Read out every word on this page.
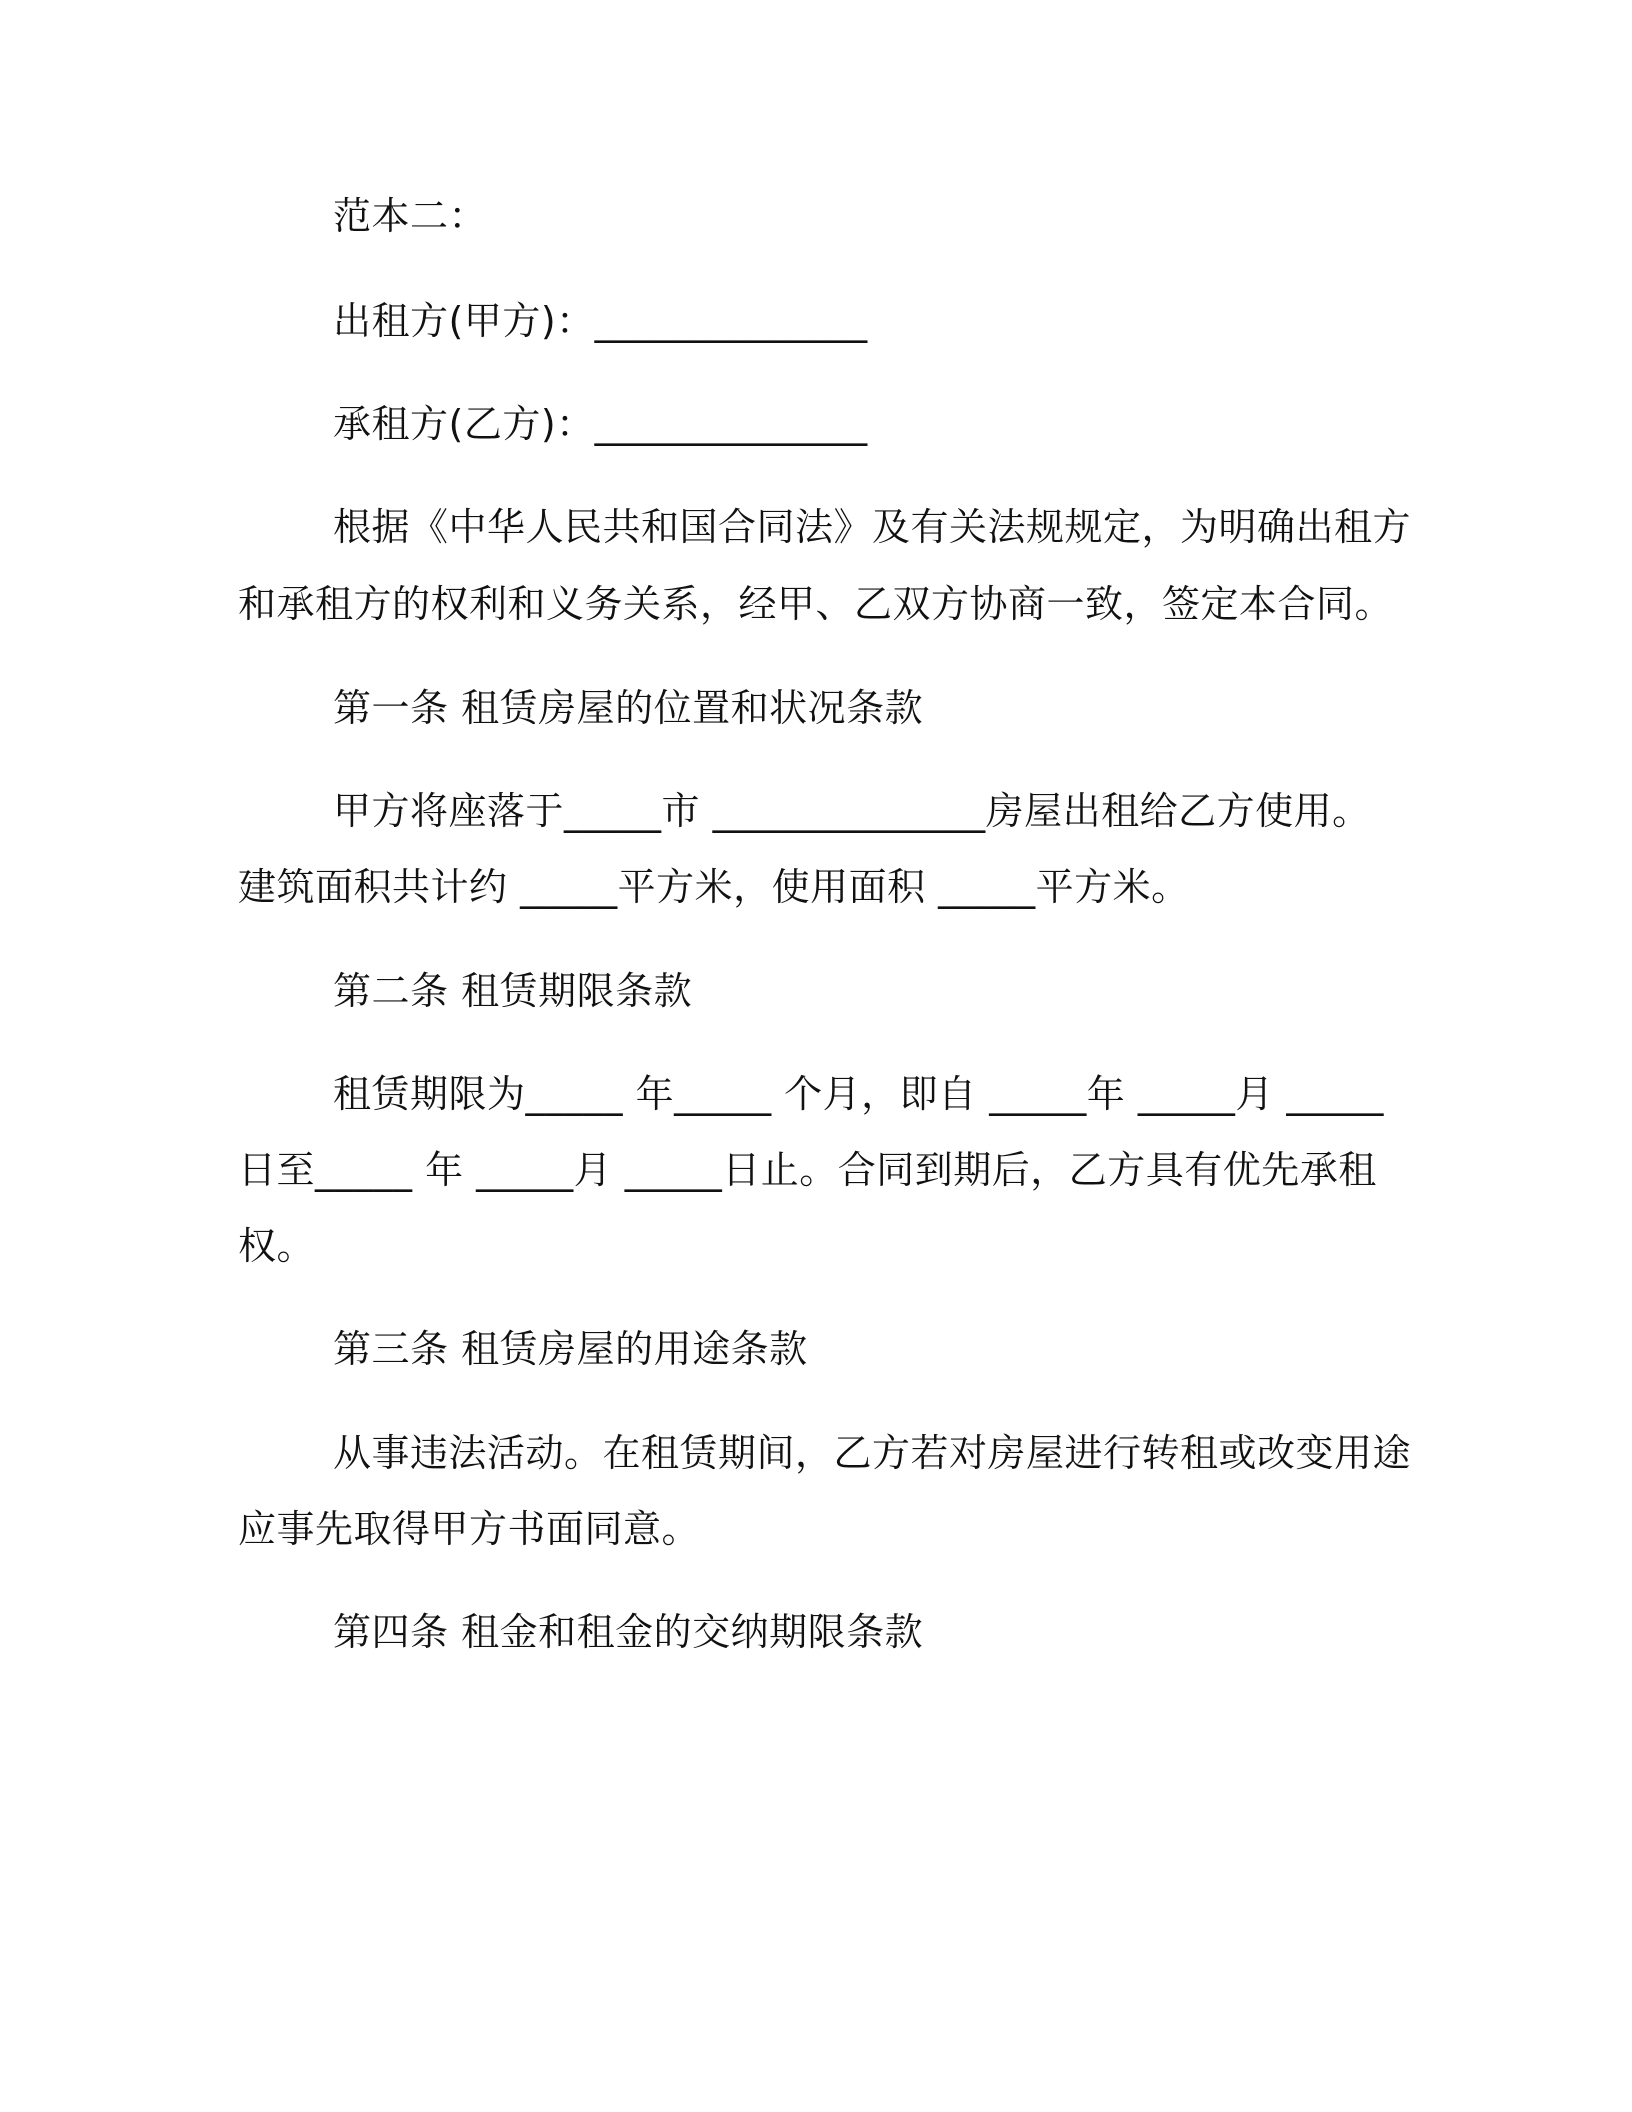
范本二：
出租方(甲方)：______________
承租方(乙方)：______________
根据《中华人民共和国合同法》及有关法规规定，为明确出租方
和承租方的权利和义务关系，经甲、乙双方协商一致，签定本合同。
第一条 租赁房屋的位置和状况条款
甲方将座落于_____市 ______________房屋出租给乙方使用。
建筑面积共计约 _____平方米，使用面积 _____平方米。
第二条 租赁期限条款
租赁期限为_____ 年_____ 个月，即自 _____年 _____月 _____
日至_____ 年 _____月 _____日止。合同到期后，乙方具有优先承租
权。
第三条 租赁房屋的用途条款
从事违法活动。在租赁期间，乙方若对房屋进行转租或改变用途
应事先取得甲方书面同意。
第四条 租金和租金的交纳期限条款
